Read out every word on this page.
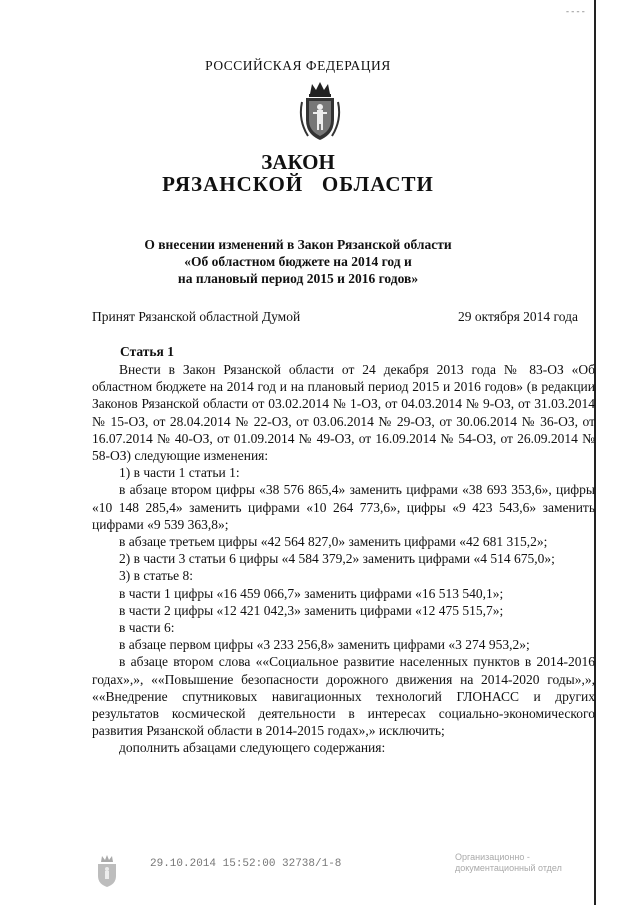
- - - -
РОССИЙСКАЯ ФЕДЕРАЦИЯ
ЗАКОН
РЯЗАНСКОЙ   ОБЛАСТИ
О внесении изменений в Закон Рязанской области
«Об областном бюджете на 2014 год и
на плановый период 2015 и 2016 годов»
Принят Рязанской областной Думой	29 октября 2014 года
Статья 1

Внести в Закон Рязанской области от 24 декабря 2013 года № 83-ОЗ «Об областном бюджете на 2014 год и на плановый период 2015 и 2016 годов» (в редакции Законов Рязанской области от 03.02.2014 № 1-ОЗ, от 04.03.2014 № 9-ОЗ, от 31.03.2014 № 15-ОЗ, от 28.04.2014 № 22-ОЗ, от 03.06.2014 № 29-ОЗ, от 30.06.2014 № 36-ОЗ, от 16.07.2014 № 40-ОЗ, от 01.09.2014 № 49-ОЗ, от 16.09.2014 № 54-ОЗ, от 26.09.2014 № 58-ОЗ) следующие изменения:

1) в части 1 статьи 1:

в абзаце втором цифры «38 576 865,4» заменить цифрами «38 693 353,6», цифры «10 148 285,4» заменить цифрами «10 264 773,6», цифры «9 423 543,6» заменить цифрами «9 539 363,8»;

в абзаце третьем цифры «42 564 827,0» заменить цифрами «42 681 315,2»;

2) в части 3 статьи 6 цифры «4 584 379,2» заменить цифрами «4 514 675,0»;

3) в статье 8:

в части 1 цифры «16 459 066,7» заменить цифрами «16 513 540,1»;

в части 2 цифры «12 421 042,3» заменить цифрами «12 475 515,7»;

в части 6:

в абзаце первом цифры «3 233 256,8» заменить цифрами «3 274 953,2»;

в абзаце втором слова ««Социальное развитие населенных пунктов в 2014-2016 годах»,», ««Повышение безопасности дорожного движения на 2014-2020 годы»,», ««Внедрение спутниковых навигационных технологий ГЛОНАСС и других результатов космической деятельности в интересах социально-экономического развития Рязанской области в 2014-2015 годах»,» исключить;

дополнить абзацами следующего содержания:

29.10.2014 15:52:00 32738/1-8
Организационно -
документационный отдел
